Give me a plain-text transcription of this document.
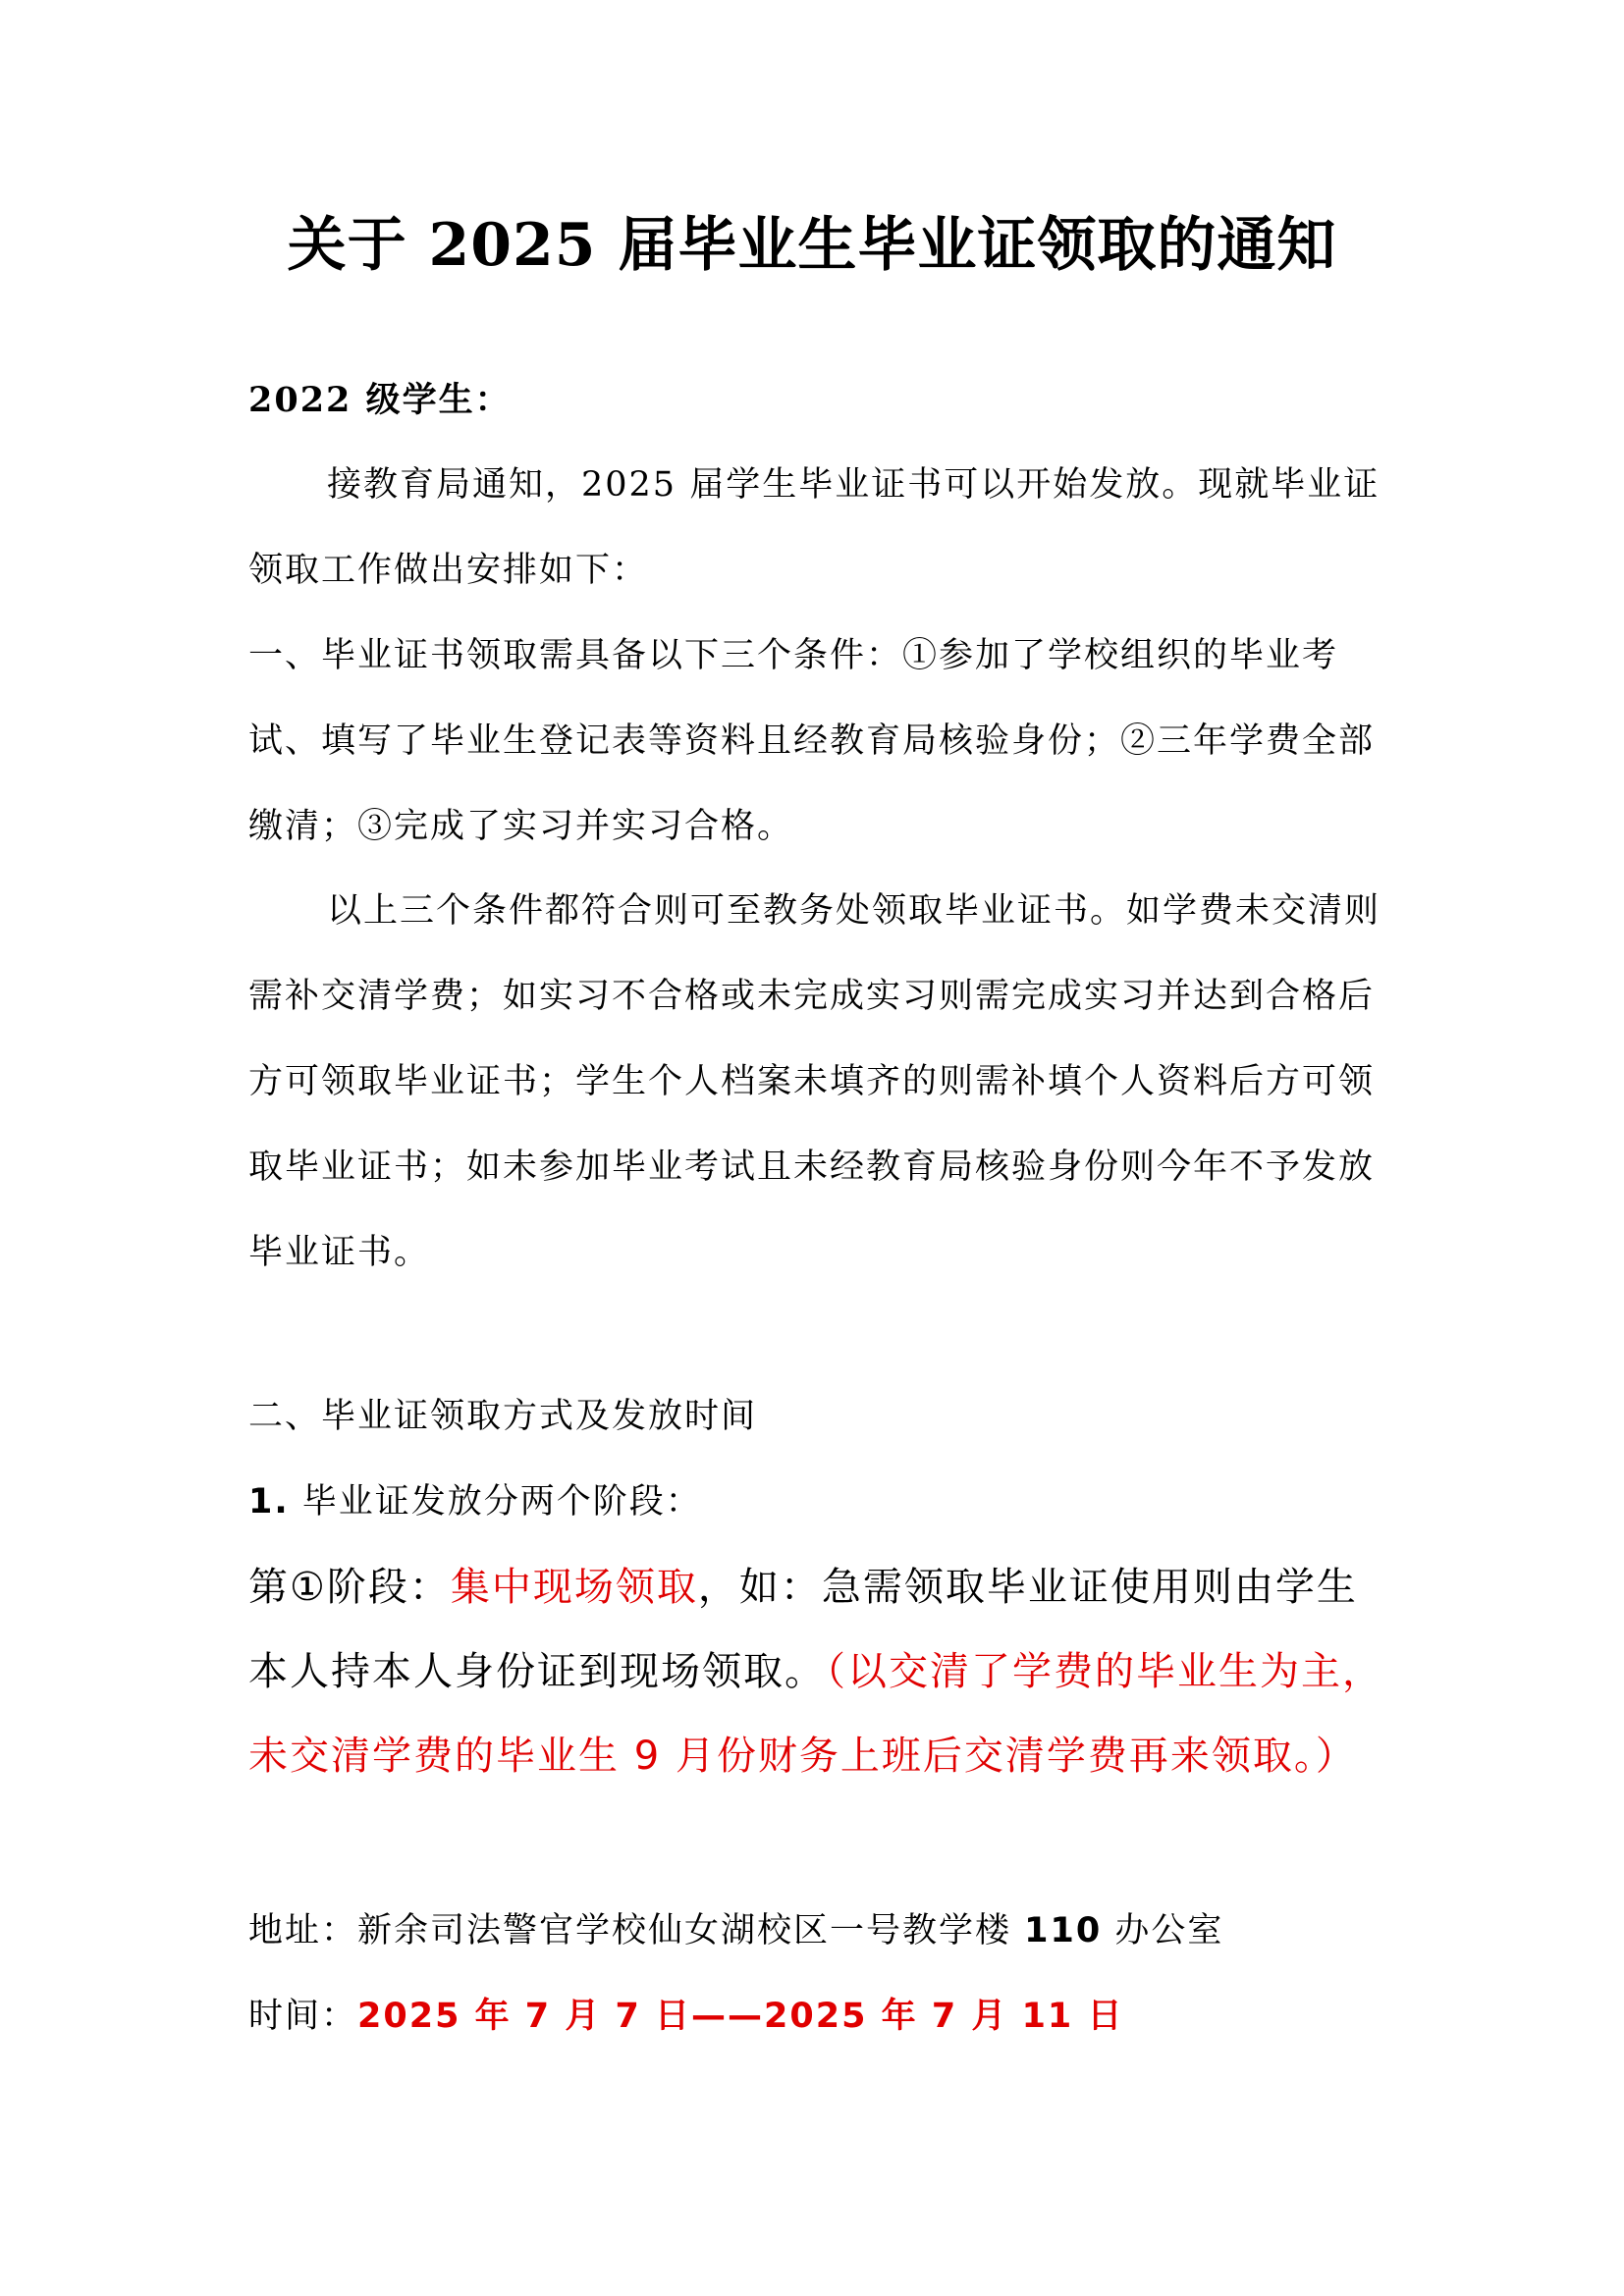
关于 2025 届毕业生毕业证领取的通知

2022 级学生：

接教育局通知，2025 届学生毕业证书可以开始发放。现就毕业证领取工作做出安排如下：

一、毕业证书领取需具备以下三个条件：①参加了学校组织的毕业考试、填写了毕业生登记表等资料且经教育局核验身份；②三年学费全部缴清；③完成了实习并实习合格。

以上三个条件都符合则可至教务处领取毕业证书。如学费未交清则需补交清学费；如实习不合格或未完成实习则需完成实习并达到合格后方可领取毕业证书；学生个人档案未填齐的则需补填个人资料后方可领取毕业证书；如未参加毕业考试且未经教育局核验身份则今年不予发放毕业证书。

二、毕业证领取方式及发放时间

1. 毕业证发放分两个阶段：

第①阶段：集中现场领取，如：急需领取毕业证使用则由学生本人持本人身份证到现场领取。（以交清了学费的毕业生为主，未交清学费的毕业生 9 月份财务上班后交清学费再来领取。）

地址：新余司法警官学校仙女湖校区一号教学楼 110 办公室

时间：2025 年 7 月 7 日——2025 年 7 月 11 日
